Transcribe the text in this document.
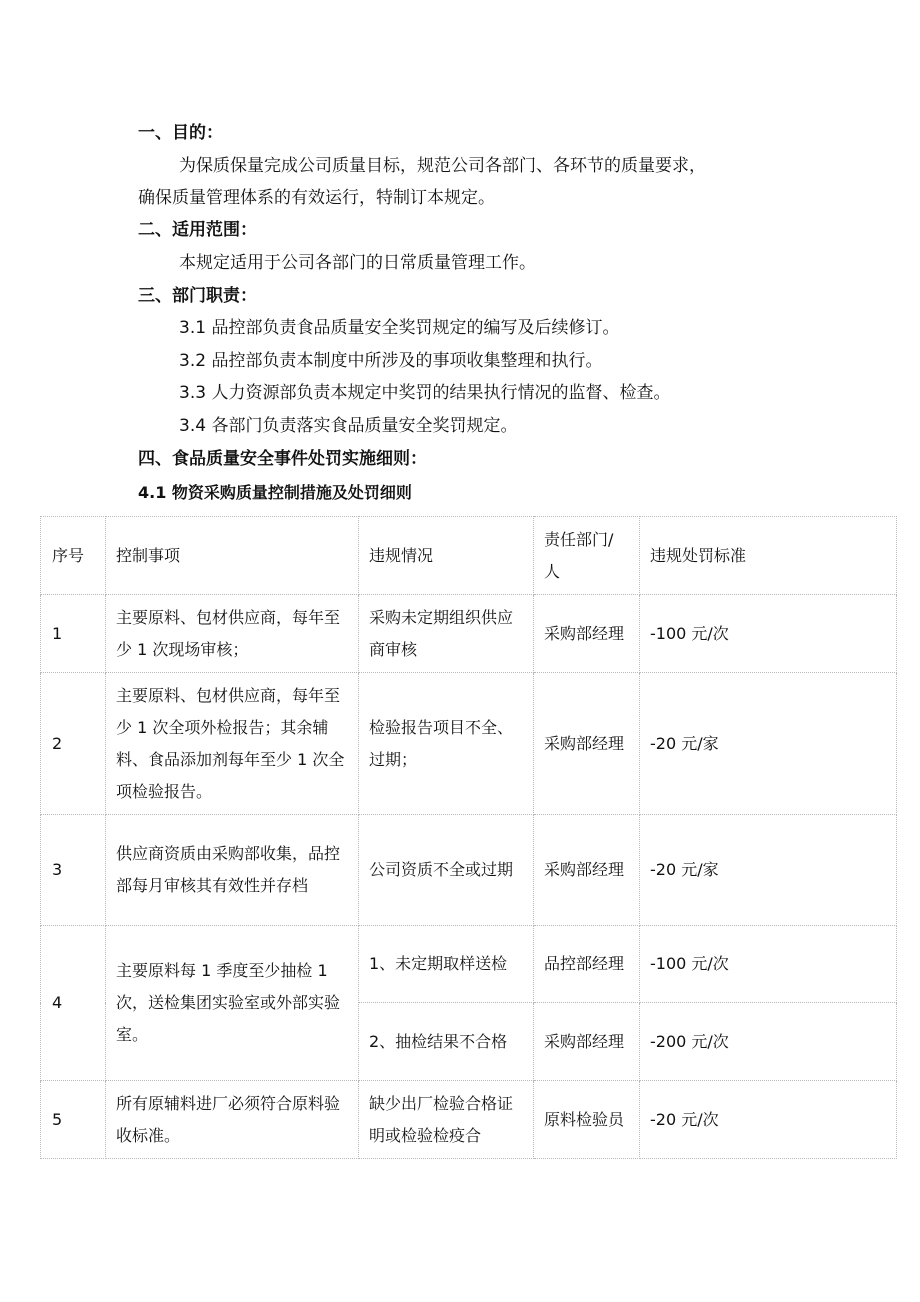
一、目的：
为保质保量完成公司质量目标，规范公司各部门、各环节的质量要求，
确保质量管理体系的有效运行，特制订本规定。
二、适用范围：
本规定适用于公司各部门的日常质量管理工作。
三、部门职责：
3.1 品控部负责食品质量安全奖罚规定的编写及后续修订。
3.2 品控部负责本制度中所涉及的事项收集整理和执行。
3.3 人力资源部负责本规定中奖罚的结果执行情况的监督、检查。
3.4 各部门负责落实食品质量安全奖罚规定。
四、食品质量安全事件处罚实施细则：
4.1 物资采购质量控制措施及处罚细则
序号	控制事项	违规情况	责任部门/人	违规处罚标准
1	主要原料、包材供应商，每年至少 1 次现场审核；	采购未定期组织供应商审核	采购部经理	-100 元/次
2	主要原料、包材供应商，每年至少 1 次全项外检报告；其余辅料、食品添加剂每年至少 1 次全项检验报告。	检验报告项目不全、过期；	采购部经理	-20 元/家
3	供应商资质由采购部收集，品控部每月审核其有效性并存档	公司资质不全或过期	采购部经理	-20 元/家
4	主要原料每 1 季度至少抽检 1 次，送检集团实验室或外部实验室。	1、未定期取样送检	品控部经理	-100 元/次
		2、抽检结果不合格	采购部经理	-200 元/次
5	所有原辅料进厂必须符合原料验收标准。	缺少出厂检验合格证明或检验检疫合	原料检验员	-20 元/次
